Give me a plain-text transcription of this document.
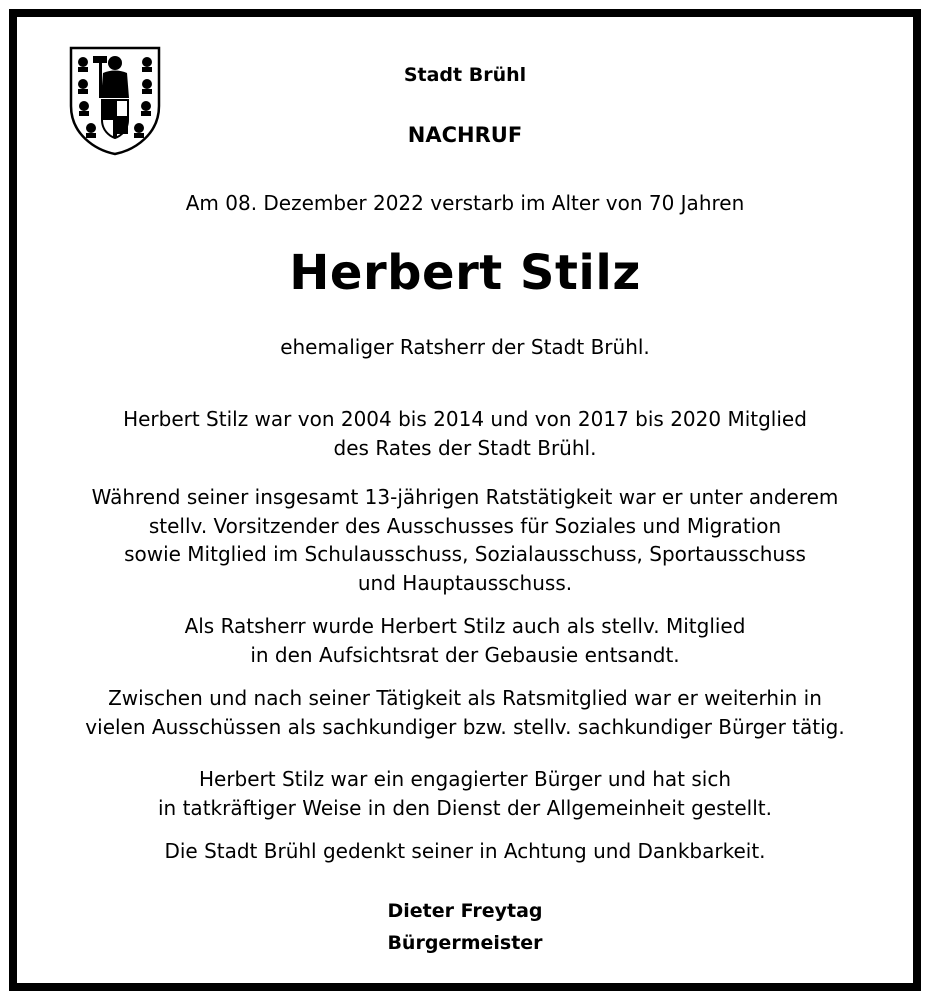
Stadt Brühl
NACHRUF
Am 08. Dezember 2022 verstarb im Alter von 70 Jahren
Herbert Stilz
ehemaliger Ratsherr der Stadt Brühl.
Herbert Stilz war von 2004 bis 2014 und von 2017 bis 2020 Mitglied
des Rates der Stadt Brühl.
Während seiner insgesamt 13-jährigen Ratstätigkeit war er unter anderem
stellv. Vorsitzender des Ausschusses für Soziales und Migration
sowie Mitglied im Schulausschuss, Sozialausschuss, Sportausschuss
und Hauptausschuss.
Als Ratsherr wurde Herbert Stilz auch als stellv. Mitglied
in den Aufsichtsrat der Gebausie entsandt.
Zwischen und nach seiner Tätigkeit als Ratsmitglied war er weiterhin in
vielen Ausschüssen als sachkundiger bzw. stellv. sachkundiger Bürger tätig.
Herbert Stilz war ein engagierter Bürger und hat sich
in tatkräftiger Weise in den Dienst der Allgemeinheit gestellt.
Die Stadt Brühl gedenkt seiner in Achtung und Dankbarkeit.
Dieter Freytag
Bürgermeister
